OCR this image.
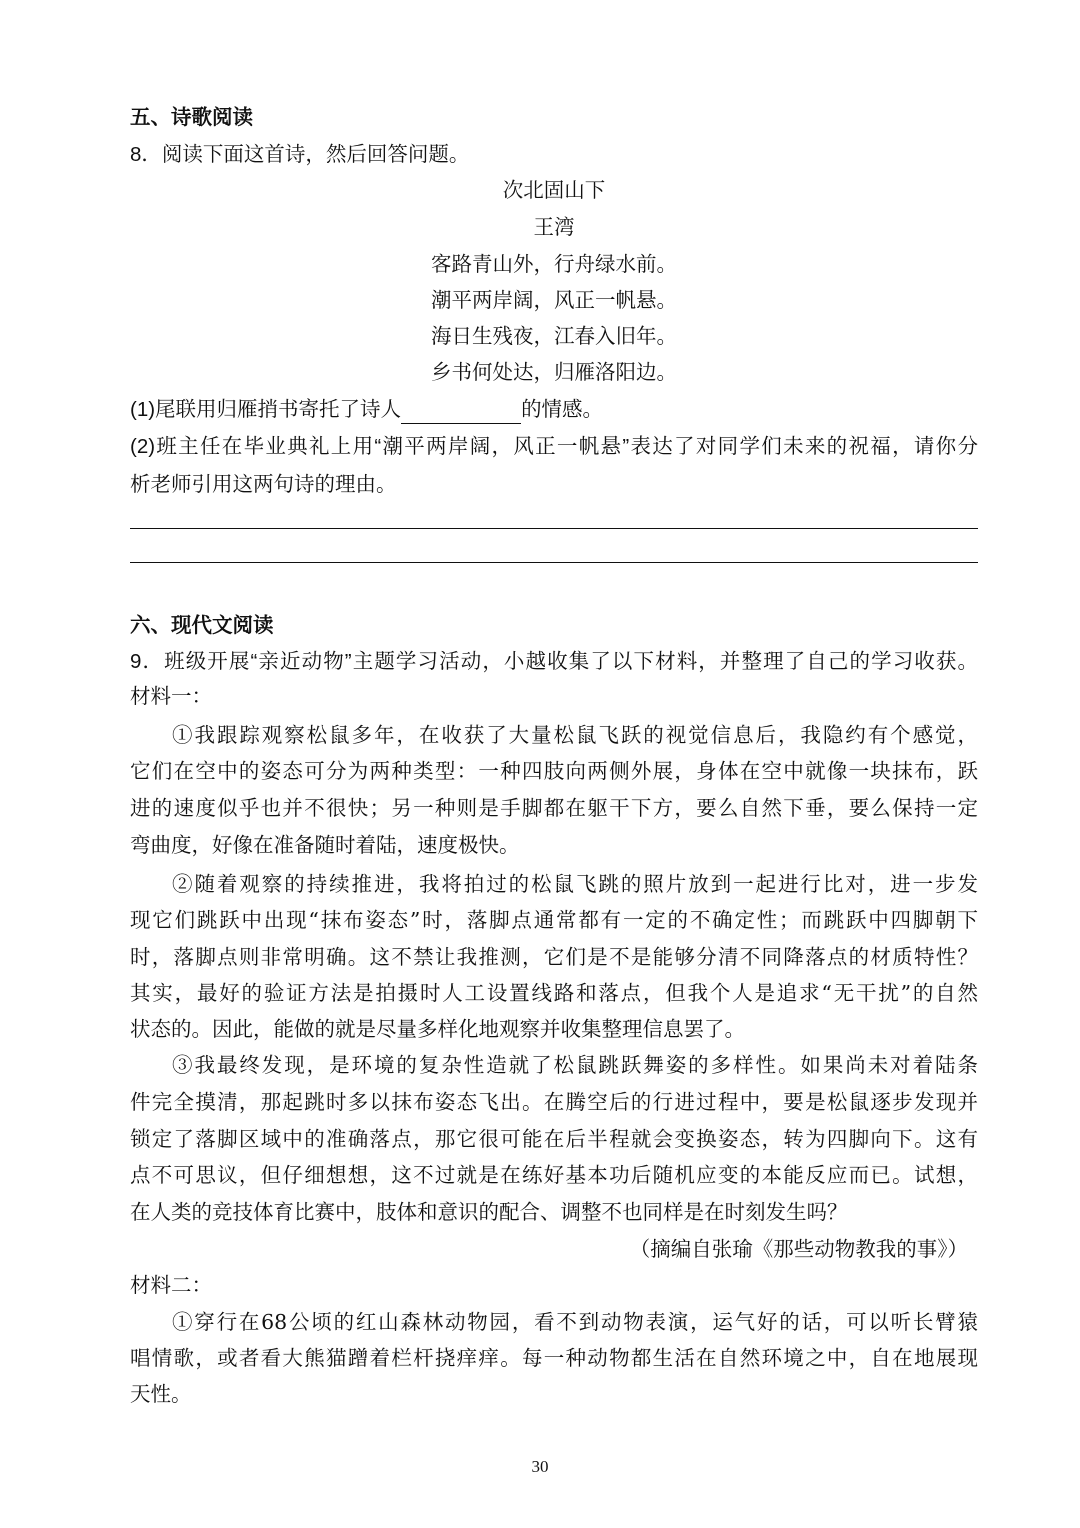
五、诗歌阅读
8．阅读下面这首诗，然后回答问题。
次北固山下
王湾
客路青山外，行舟绿水前。
潮平两岸阔，风正一帆悬。
海日生残夜，江春入旧年。
乡书何处达，归雁洛阳边。
(1)尾联用归雁捎书寄托了诗人	的情感。
(2)班主任在毕业典礼上用“潮平两岸阔，风正一帆悬”表达了对同学们未来的祝福，请你分
析老师引用这两句诗的理由。
六、现代文阅读
9．班级开展“亲近动物”主题学习活动，小越收集了以下材料，并整理了自己的学习收获。
材料一：
①我跟踪观察松鼠多年，在收获了大量松鼠飞跃的视觉信息后，我隐约有个感觉，
它们在空中的姿态可分为两种类型：一种四肢向两侧外展，身体在空中就像一块抹布，跃
进的速度似乎也并不很快；另一种则是手脚都在躯干下方，要么自然下垂，要么保持一定
弯曲度，好像在准备随时着陆，速度极快。
②随着观察的持续推进，我将拍过的松鼠飞跳的照片放到一起进行比对，进一步发
现它们跳跃中出现“抹布姿态”时，落脚点通常都有一定的不确定性；而跳跃中四脚朝下
时，落脚点则非常明确。这不禁让我推测，它们是不是能够分清不同降落点的材质特性？
其实，最好的验证方法是拍摄时人工设置线路和落点，但我个人是追求“无干扰”的自然
状态的。因此，能做的就是尽量多样化地观察并收集整理信息罢了。
③我最终发现，是环境的复杂性造就了松鼠跳跃舞姿的多样性。如果尚未对着陆条
件完全摸清，那起跳时多以抹布姿态飞出。在腾空后的行进过程中，要是松鼠逐步发现并
锁定了落脚区域中的准确落点，那它很可能在后半程就会变换姿态，转为四脚向下。这有
点不可思议，但仔细想想，这不过就是在练好基本功后随机应变的本能反应而已。试想，
在人类的竞技体育比赛中，肢体和意识的配合、调整不也同样是在时刻发生吗？
（摘编自张瑜《那些动物教我的事》）
材料二：
①穿行在68公顷的红山森林动物园，看不到动物表演，运气好的话，可以听长臂猿
唱情歌，或者看大熊猫蹭着栏杆挠痒痒。每一种动物都生活在自然环境之中，自在地展现
天性。
30
